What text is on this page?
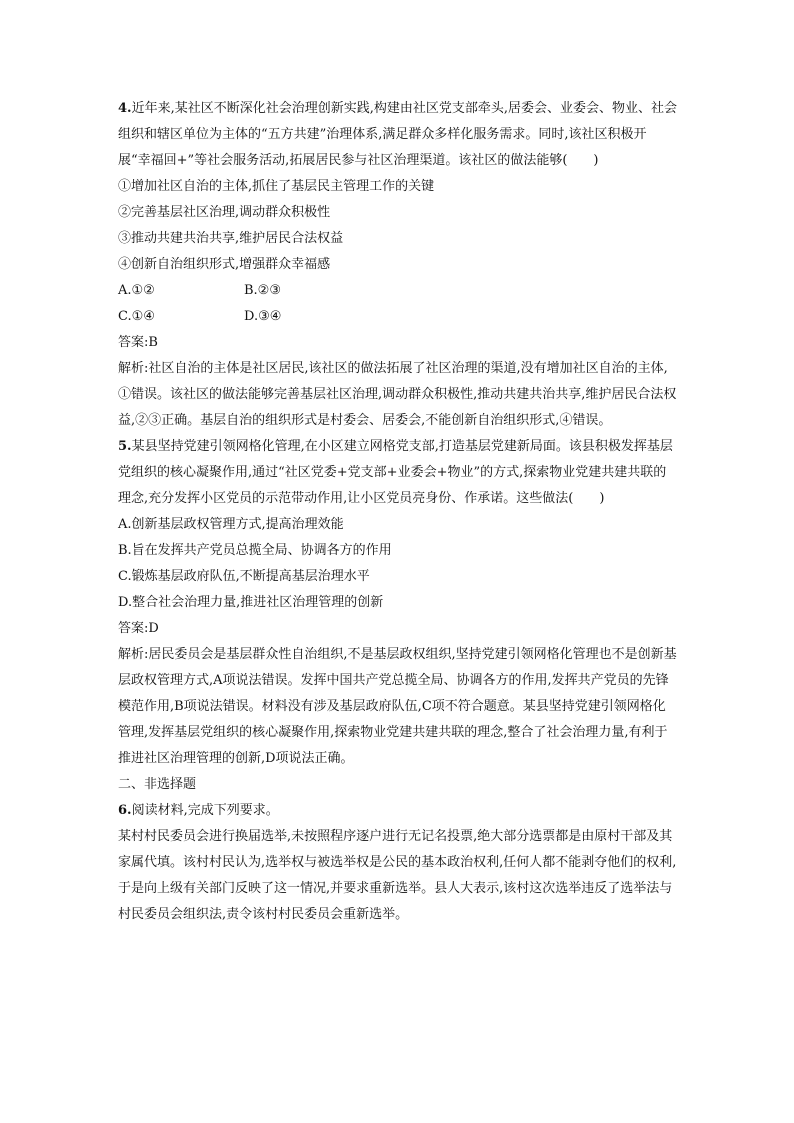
4.近年来,某社区不断深化社会治理创新实践,构建由社区党支部牵头,居委会、业委会、物业、社会组织和辖区单位为主体的“五方共建”治理体系,满足群众多样化服务需求。同时,该社区积极开展“幸福回+”等社会服务活动,拓展居民参与社区治理渠道。该社区的做法能够(　　)

①增加社区自治的主体,抓住了基层民主管理工作的关键

②完善基层社区治理,调动群众积极性

③推动共建共治共享,维护居民合法权益

④创新自治组织形式,增强群众幸福感

A.①②	B.②③
C.①④	D.③④

答案:B

解析:社区自治的主体是社区居民,该社区的做法拓展了社区治理的渠道,没有增加社区自治的主体,①错误。该社区的做法能够完善基层社区治理,调动群众积极性,推动共建共治共享,维护居民合法权益,②③正确。基层自治的组织形式是村委会、居委会,不能创新自治组织形式,④错误。

5.某县坚持党建引领网格化管理,在小区建立网格党支部,打造基层党建新局面。该县积极发挥基层党组织的核心凝聚作用,通过“社区党委+党支部+业委会+物业”的方式,探索物业党建共建共联的理念,充分发挥小区党员的示范带动作用,让小区党员亮身份、作承诺。这些做法(　　)

A.创新基层政权管理方式,提高治理效能

B.旨在发挥共产党员总揽全局、协调各方的作用

C.锻炼基层政府队伍,不断提高基层治理水平

D.整合社会治理力量,推进社区治理管理的创新

答案:D

解析:居民委员会是基层群众性自治组织,不是基层政权组织,坚持党建引领网格化管理也不是创新基层政权管理方式,A项说法错误。发挥中国共产党总揽全局、协调各方的作用,发挥共产党员的先锋模范作用,B项说法错误。材料没有涉及基层政府队伍,C项不符合题意。某县坚持党建引领网格化管理,发挥基层党组织的核心凝聚作用,探索物业党建共建共联的理念,整合了社会治理力量,有利于推进社区治理管理的创新,D项说法正确。

二、非选择题

6.阅读材料,完成下列要求。

某村村民委员会进行换届选举,未按照程序逐户进行无记名投票,绝大部分选票都是由原村干部及其家属代填。该村村民认为,选举权与被选举权是公民的基本政治权利,任何人都不能剥夺他们的权利,于是向上级有关部门反映了这一情况,并要求重新选举。县人大表示,该村这次选举违反了选举法与村民委员会组织法,责令该村村民委员会重新选举。
